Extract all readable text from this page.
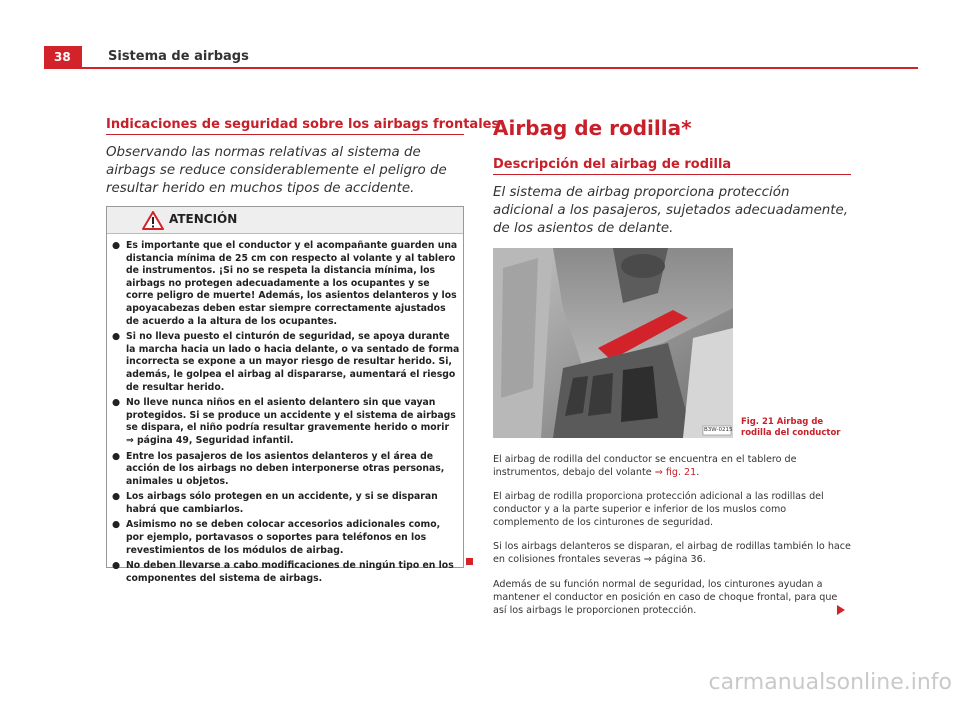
38	Sistema de airbags
Indicaciones de seguridad sobre los airbags frontales
Observando las normas relativas al sistema de airbags se reduce considerablemente el peligro de resultar herido en muchos tipos de accidente.
ATENCIÓN
● Es importante que el conductor y el acompañante guarden una distancia mínima de 25 cm con respecto al volante y al tablero de instrumentos. ¡Si no se respeta la distancia mínima, los airbags no protegen adecuadamente a los ocupantes y se corre peligro de muerte! Además, los asientos delanteros y los apoyacabezas deben estar siempre correctamente ajustados de acuerdo a la altura de los ocupantes.
● Si no lleva puesto el cinturón de seguridad, se apoya durante la marcha hacia un lado o hacia delante, o va sentado de forma incorrecta se expone a un mayor riesgo de resultar herido. Si, además, le golpea el airbag al dispararse, aumentará el riesgo de resultar herido.
● No lleve nunca niños en el asiento delantero sin que vayan protegidos. Si se produce un accidente y el sistema de airbags se dispara, el niño podría resultar gravemente herido o morir ⇒ página 49, Seguridad infantil.
● Entre los pasajeros de los asientos delanteros y el área de acción de los airbags no deben interponerse otras personas, animales u objetos.
● Los airbags sólo protegen en un accidente, y si se disparan habrá que cambiarlos.
● Asimismo no se deben colocar accesorios adicionales como, por ejemplo, portavasos o soportes para teléfonos en los revestimientos de los módulos de airbag.
● No deben llevarse a cabo modificaciones de ningún tipo en los componentes del sistema de airbags.
Airbag de rodilla*
Descripción del airbag de rodilla
El sistema de airbag proporciona protección adicional a los pasajeros, sujetados adecuadamente, de los asientos de delante.
B3W-0215
Fig. 21 Airbag de rodilla del conductor
El airbag de rodilla del conductor se encuentra en el tablero de instrumentos, debajo del volante ⇒ fig. 21.
El airbag de rodilla proporciona protección adicional a las rodillas del conductor y a la parte superior e inferior de los muslos como complemento de los cinturones de seguridad.
Si los airbags delanteros se disparan, el airbag de rodillas también lo hace en colisiones frontales severas ⇒ página 36.
Además de su función normal de seguridad, los cinturones ayudan a mantener el conductor en posición en caso de choque frontal, para que así los airbags le proporcionen protección.
carmanualsonline.info
